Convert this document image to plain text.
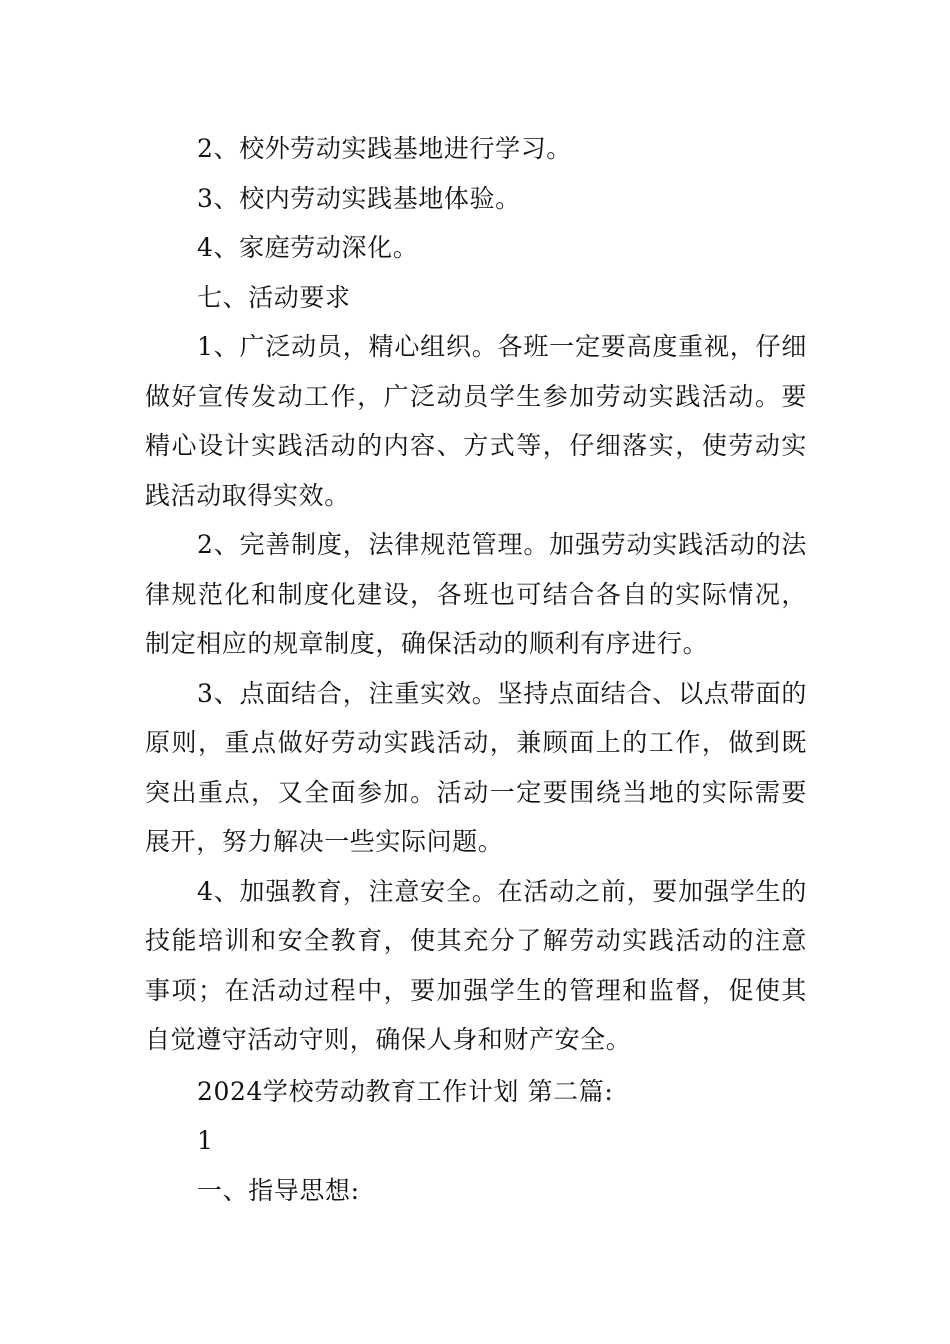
2、校外劳动实践基地进行学习。

3、校内劳动实践基地体验。

4、家庭劳动深化。

七、活动要求

1、广泛动员，精心组织。各班一定要高度重视，仔细做好宣传发动工作，广泛动员学生参加劳动实践活动。要精心设计实践活动的内容、方式等，仔细落实，使劳动实践活动取得实效。

2、完善制度，法律规范管理。加强劳动实践活动的法律规范化和制度化建设，各班也可结合各自的实际情况，制定相应的规章制度，确保活动的顺利有序进行。

3、点面结合，注重实效。坚持点面结合、以点带面的原则，重点做好劳动实践活动，兼顾面上的工作，做到既突出重点，又全面参加。活动一定要围绕当地的实际需要展开，努力解决一些实际问题。

4、加强教育，注意安全。在活动之前，要加强学生的技能培训和安全教育，使其充分了解劳动实践活动的注意事项；在活动过程中，要加强学生的管理和监督，促使其自觉遵守活动守则，确保人身和财产安全。

2024学校劳动教育工作计划 第二篇:

1

一、指导思想:
